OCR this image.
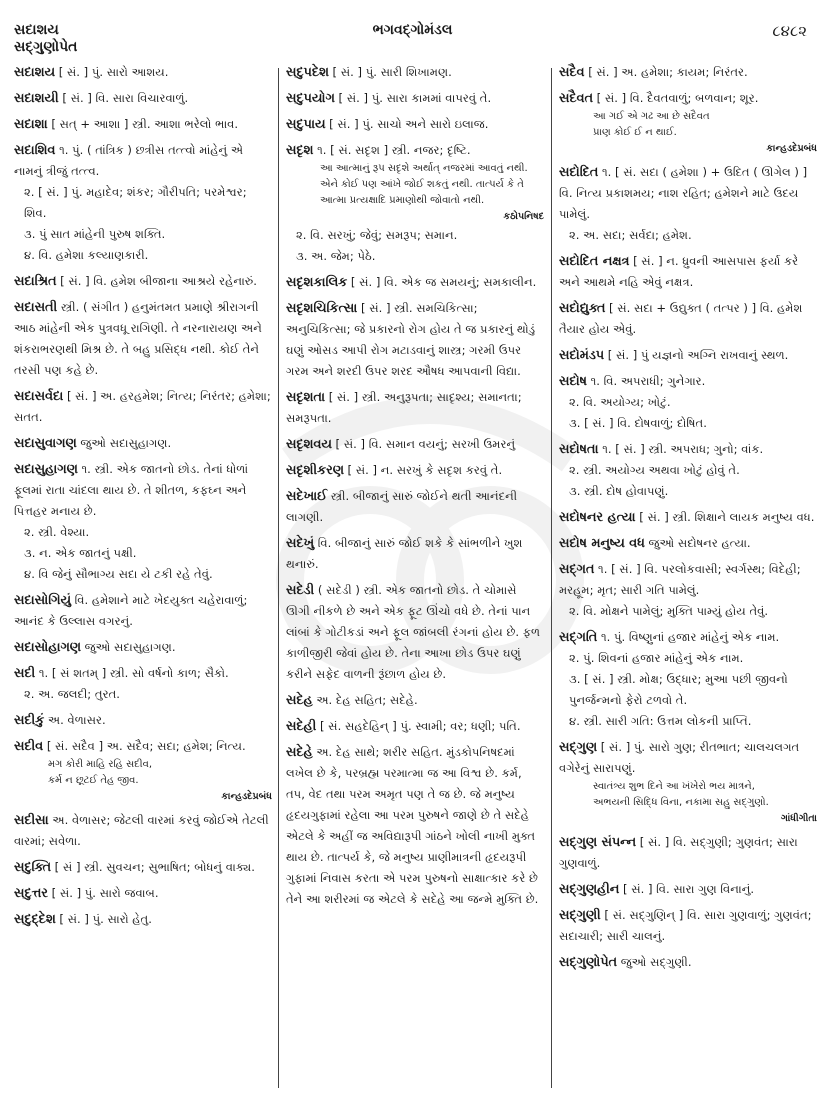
સદાશય
સદ્ગુણોપેત
ભગવદ્ગોમંડલ	૮૪૮૨
સદાશય [ સં. ] પું. સારો આશય.
સદાશયી [ સં. ] વિ. સારા વિચારવાળું.
સદાશા [ સત્ + આશા ] સ્ત્રી. આશા ભરેલો ભાવ.
સદાશિવ ૧. પું. ( તાંત્રિક ) છત્રીસ તત્ત્વો માંહેનું એ નામનું ત્રીજું તત્ત્વ.
૨. [ સં. ] પું. મહાદેવ; શંકર; ગૌરીપતિ; પરમેશ્વર; શિવ.
૩. પું સાત માંહેની પુરુષ શક્તિ.
૪. વિ. હમેશા કલ્યાણકારી.
સદાશ્રિત [ સં. ] વિ. હમેશ બીજાના આશ્રયે રહેનારું.
સદાસતી સ્ત્રી. ( સંગીત ) હનુમંતમત પ્રમાણે શ્રીરાગની આઠ માંહેની એક પુત્રવધૂ રાગિણી. તે નરનારાયણ અને શંકરાભરણથી મિશ્ર છે. તે બહુ પ્રસિદ્ધ નથી. કોઈ તેને તરસી પણ કહે છે.
સદાસર્વદા [ સં. ] અ. હરહમેશ; નિત્ય; નિરંતર; હમેશા; સતત.
સદાસુવાગણ જુઓ સદાસુહાગણ.
સદાસુહાગણ ૧. સ્ત્રી. એક જાતનો છોડ. તેનાં ધોળાં ફૂલમાં રાતા ચાંદલા થાય છે. તે શીતળ, કફઘ્ન અને પિત્તહર મનાય છે.
૨. સ્ત્રી. વેશ્યા.
૩. ન. એક જાતનું પક્ષી.
૪. વિ જેનું સૌભાગ્ય સદા યે ટકી રહે તેવું.
સદાસોગિયું વિ. હમેશાને માટે ખેદયુક્ત ચહેરાવાળું; આનંદ કે ઉલ્લાસ વગરનું.
સદાસોહાગણ જુઓ સદાસુહાગણ.
સદી ૧. [ સં શતમ્ ] સ્ત્રી. સો વર્ષનો કાળ; સૈકો.
૨. અ. જલદી; તુરત.
સદીકું અ. વેળાસર.
સદીવ [ સં. સદૈવ ] અ. સદૈવ; સદા; હમેશ; નિત્ય.
મગ કોરી માહિ રહિ સદીવ,
કર્મ ન છૂટઈ તેહ જીવ.
કાન્હડદેપ્રબંધ
સદીસા અ. વેળાસર; જેટલી વારમાં કરવું જોઈએ તેટલી વારમાં; સવેળા.
સદુક્તિ [ સં ] સ્ત્રી. સુવચન; સુભાષિત; બોધનું વાક્ય.
સદુત્તર [ સં. ] પું. સારો જવાબ.
સદુદ્દેશ [ સં. ] પું. સારો હેતુ.
સદુપદેશ [ સં. ] પું. સારી શિખામણ.
સદુપયોગ [ સં. ] પું. સારા કામમાં વાપરવું તે.
સદુપાય [ સં. ] પું. સાચો અને સારો ઇલાજ.
સદૃશ ૧. [ સં. સદૃશ ] સ્ત્રી. નજર; દૃષ્ટિ.
આ આત્માનું રૂપ સદૃશે અર્થાત્ નજરમાં આવતું નથી. એને કોઈ પણ આંખે જોઈ શકતું નથી. તાત્પર્ય કે તે આત્મા પ્રત્યક્ષાદિ પ્રમાણોથી જોવાતો નથી.
કઠોપનિષદ
૨. વિ. સરખું; જેવું; સમરૂપ; સમાન.
૩. અ. જેમ; પેઠે.
સદૃશકાલિક [ સં. ] વિ. એક જ સમયનું; સમકાલીન.
સદૃશચિકિત્સા [ સં. ] સ્ત્રી. સમચિકિત્સા; અનુચિકિત્સા; જે પ્રકારનો રોગ હોય તે જ પ્રકારનું થોડું ઘણું ઓસડ આપી રોગ મટાડવાનું શાસ્ત્ર; ગરમી ઉપર ગરમ અને શરદી ઉપર શરદ ઔષધ આપવાની વિદ્યા.
સદૃશતા [ સં. ] સ્ત્રી. અનુરૂપતા; સાદૃશ્ય; સમાનતા; સમરૂપતા.
સદૃશવય [ સં. ] વિ. સમાન વયનું; સરખી ઉમરનું
સદૃશીકરણ [ સં. ] ન. સરખું કે સદૃશ કરવું તે.
સદેખાઈ સ્ત્રી. બીજાનું સારું જોઈને થતી આનંદની લાગણી.
સદેખું વિ. બીજાનું સારું જોઈ શકે કે સાંભળીને ખુશ થનારું.
સદેડી ( સદેડી ) સ્ત્રી. એક જાતનો છોડ. તે ચોમાસે ઊગી નીકળે છે અને એક ફૂટ ઊંચો વધે છે. તેનાં પાન લાંબાં કે ગોટીકડાં અને ફૂલ જાંબલી રંગનાં હોય છે. ફળ કાળીજીરી જેવાં હોય છે. તેના આખા છોડ ઉપર ઘણું કરીને સફેદ વાળની રૂંછાળ હોય છે.
સદેહ અ. દેહ સહિત; સદેહે.
સદેહી [ સં. સહદેહિન્ ] પું. સ્વામી; વર; ધણી; પતિ.
સદેહે અ. દેહ સાથે; શરીર સહિત. મુંડકોપનિષદમાં લખેલ છે કે, પરબ્રહ્મ પરમાત્મા જ આ વિશ્વ છે. કર્મ, તપ, વેદ તથા પરમ અમૃત પણ તે જ છે. જે મનુષ્ય હૃદયગુફામાં રહેલા આ પરમ પુરુષને જાણે છે તે સદેહે એટલે કે અહીં જ અવિદ્યારૂપી ગાંઠને ખોલી નાખી મુક્ત થાય છે. તાત્પર્ય કે, જે મનુષ્ય પ્રાણીમાત્રની હૃદયરૂપી ગુફામાં નિવાસ કરતા એ પરમ પુરુષનો સાક્ષાત્કાર કરે છે તેને આ શરીરમાં જ એટલે કે સદેહે આ જન્મે મુક્તિ છે.
સદૈવ [ સં. ] અ. હમેશા; કાયમ; નિરંતર.
સદૈવત [ સં. ] વિ. દૈવતવાળું; બળવાન; શૂર.
આ ગઈ એ ગઢ આ છે સદૈવત
પ્રાણ કોઈ ઈ ન થાઈ.
કાન્હડદેપ્રબંધ
સદોદિત ૧. [ સં. સદા ( હમેશા ) + ઉદિત ( ઊગેલ ) ] વિ. નિત્ય પ્રકાશમય; નાશ રહિત; હમેશને માટે ઉદય પામેલું.
૨. અ. સદા; સર્વદા; હમેશ.
સદોદિત નક્ષત્ર [ સં. ] ન. ધ્રુવની આસપાસ ફર્યા કરે અને આથમે નહિ એવું નક્ષત્ર.
સદોદ્યુક્ત [ સં. સદા + ઉદ્યુક્ત ( તત્પર ) ] વિ. હમેશ તૈયાર હોય એવું.
સદોમંડપ [ સં. ] પું યજ્ઞનો અગ્નિ રાખવાનું સ્થળ.
સદોષ ૧. વિ. અપરાધી; ગુનેગાર.
૨. વિ. અયોગ્ય; ખોટું.
૩. [ સં. ] વિ. દોષવાળું; દોષિત.
સદોષતા ૧. [ સં. ] સ્ત્રી. અપરાધ; ગુનો; વાંક.
૨. સ્ત્રી. અયોગ્ય અથવા ખોટું હોવું તે.
૩. સ્ત્રી. દોષ હોવાપણું.
સદોષનર હત્યા [ સં. ] સ્ત્રી. શિક્ષાને લાયક મનુષ્ય વધ.
સદોષ મનુષ્ય વધ જુઓ સદોષનર હત્યા.
સદ્ગત ૧. [ સં. ] વિ. પરલોકવાસી; સ્વર્ગસ્થ; વિદેહી; મરહૂમ; મૃત; સારી ગતિ પામેલું.
૨. વિ. મોક્ષને પામેલું; મુક્તિ પામ્યું હોય તેવું.
સદ્ગતિ ૧. પું. વિષ્ણુનાં હજાર માંહેનું એક નામ.
૨. પું. શિવનાં હજાર માંહેનું એક નામ.
૩. [ સં. ] સ્ત્રી. મોક્ષ; ઉદ્ધાર; મુઆ પછી જીવનો પુનર્જન્મનો ફેરો ટળવો તે.
૪. સ્ત્રી. સારી ગતિ: ઉત્તમ લોકની પ્રાપ્તિ.
સદ્ગુણ [ સં. ] પું. સારો ગુણ; રીતભાત; ચાલચલગત વગેરેનું સારાપણું.
સ્વાતંત્ર્ય શુભ દિને આ ખંખેરો ભય માત્રને,
અભયની સિદ્ધિ વિના, નકામા સહુ સદ્ગુણો.
ગાંધીગીતા
સદ્ગુણ સંપન્ન [ સં. ] વિ. સદ્ગુણી; ગુણવંત; સારા ગુણવાળું.
સદ્ગુણહીન [ સં. ] વિ. સારા ગુણ વિનાનું.
સદ્ગુણી [ સં. સદ્ગુણિન્ ] વિ. સારા ગુણવાળું; ગુણવંત; સદાચારી; સારી ચાલનું.
સદ્ગુણોપેત જુઓ સદ્ગુણી.
